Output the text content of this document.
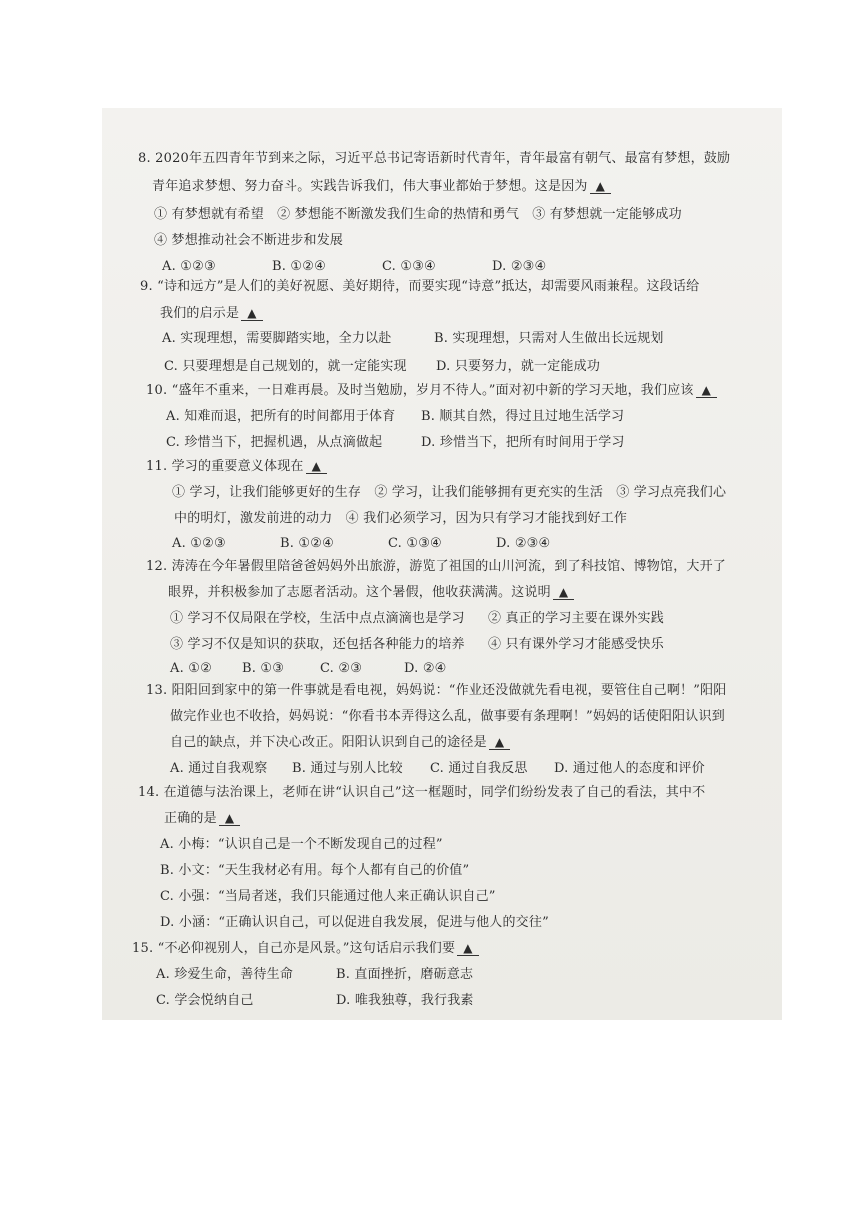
8. 2020年五四青年节到来之际，习近平总书记寄语新时代青年，青年最富有朝气、最富有梦想，鼓励
青年追求梦想、努力奋斗。实践告诉我们，伟大事业都始于梦想。这是因为 ▲
① 有梦想就有希望　② 梦想能不断激发我们生命的热情和勇气　③ 有梦想就一定能够成功
④ 梦想推动社会不断进步和发展
A. ①②③	B. ①②④	C. ①③④	D. ②③④
9. “诗和远方”是人们的美好祝愿、美好期待，而要实现“诗意”抵达，却需要风雨兼程。这段话给
我们的启示是 ▲
A. 实现理想，需要脚踏实地，全力以赴	B. 实现理想，只需对人生做出长远规划
C. 只要理想是自己规划的，就一定能实现 D. 只要努力，就一定能成功
10. “盛年不重来，一日难再晨。及时当勉励，岁月不待人。”面对初中新的学习天地，我们应该 ▲
A. 知难而退，把所有的时间都用于体育 B. 顺其自然，得过且过地生活学习
C. 珍惜当下，把握机遇，从点滴做起	D. 珍惜当下，把所有时间用于学习
11. 学习的重要意义体现在 ▲
① 学习，让我们能够更好的生存　② 学习，让我们能够拥有更充实的生活　③ 学习点亮我们心
中的明灯，激发前进的动力　④ 我们必须学习，因为只有学习才能找到好工作
A. ①②③	B. ①②④	C. ①③④	D. ②③④
12. 涛涛在今年暑假里陪爸爸妈妈外出旅游，游览了祖国的山川河流，到了科技馆、博物馆，大开了
眼界，并积极参加了志愿者活动。这个暑假，他收获满满。这说明 ▲
① 学习不仅局限在学校，生活中点点滴滴也是学习 ② 真正的学习主要在课外实践
③ 学习不仅是知识的获取，还包括各种能力的培养 ④ 只有课外学习才能感受快乐
A. ①② B. ①③	C. ②③	D. ②④
13. 阳阳回到家中的第一件事就是看电视，妈妈说：“作业还没做就先看电视，要管住自己啊！”阳阳
做完作业也不收拾，妈妈说：“你看书本弄得这么乱，做事要有条理啊！”妈妈的话使阳阳认识到
自己的缺点，并下决心改正。阳阳认识到自己的途径是 ▲
A. 通过自我观察 B. 通过与别人比较 C. 通过自我反思 D. 通过他人的态度和评价
14. 在道德与法治课上，老师在讲“认识自己”这一框题时，同学们纷纷发表了自己的看法，其中不
正确的是 ▲
A. 小梅：“认识自己是一个不断发现自己的过程”
B. 小文：“天生我材必有用。每个人都有自己的价值”
C. 小强：“当局者迷，我们只能通过他人来正确认识自己”
D. 小涵：“正确认识自己，可以促进自我发展，促进与他人的交往”
15. “不必仰视别人，自己亦是风景。”这句话启示我们要 ▲
A. 珍爱生命，善待生命	B. 直面挫折，磨砺意志
C. 学会悦纳自己	D. 唯我独尊，我行我素
